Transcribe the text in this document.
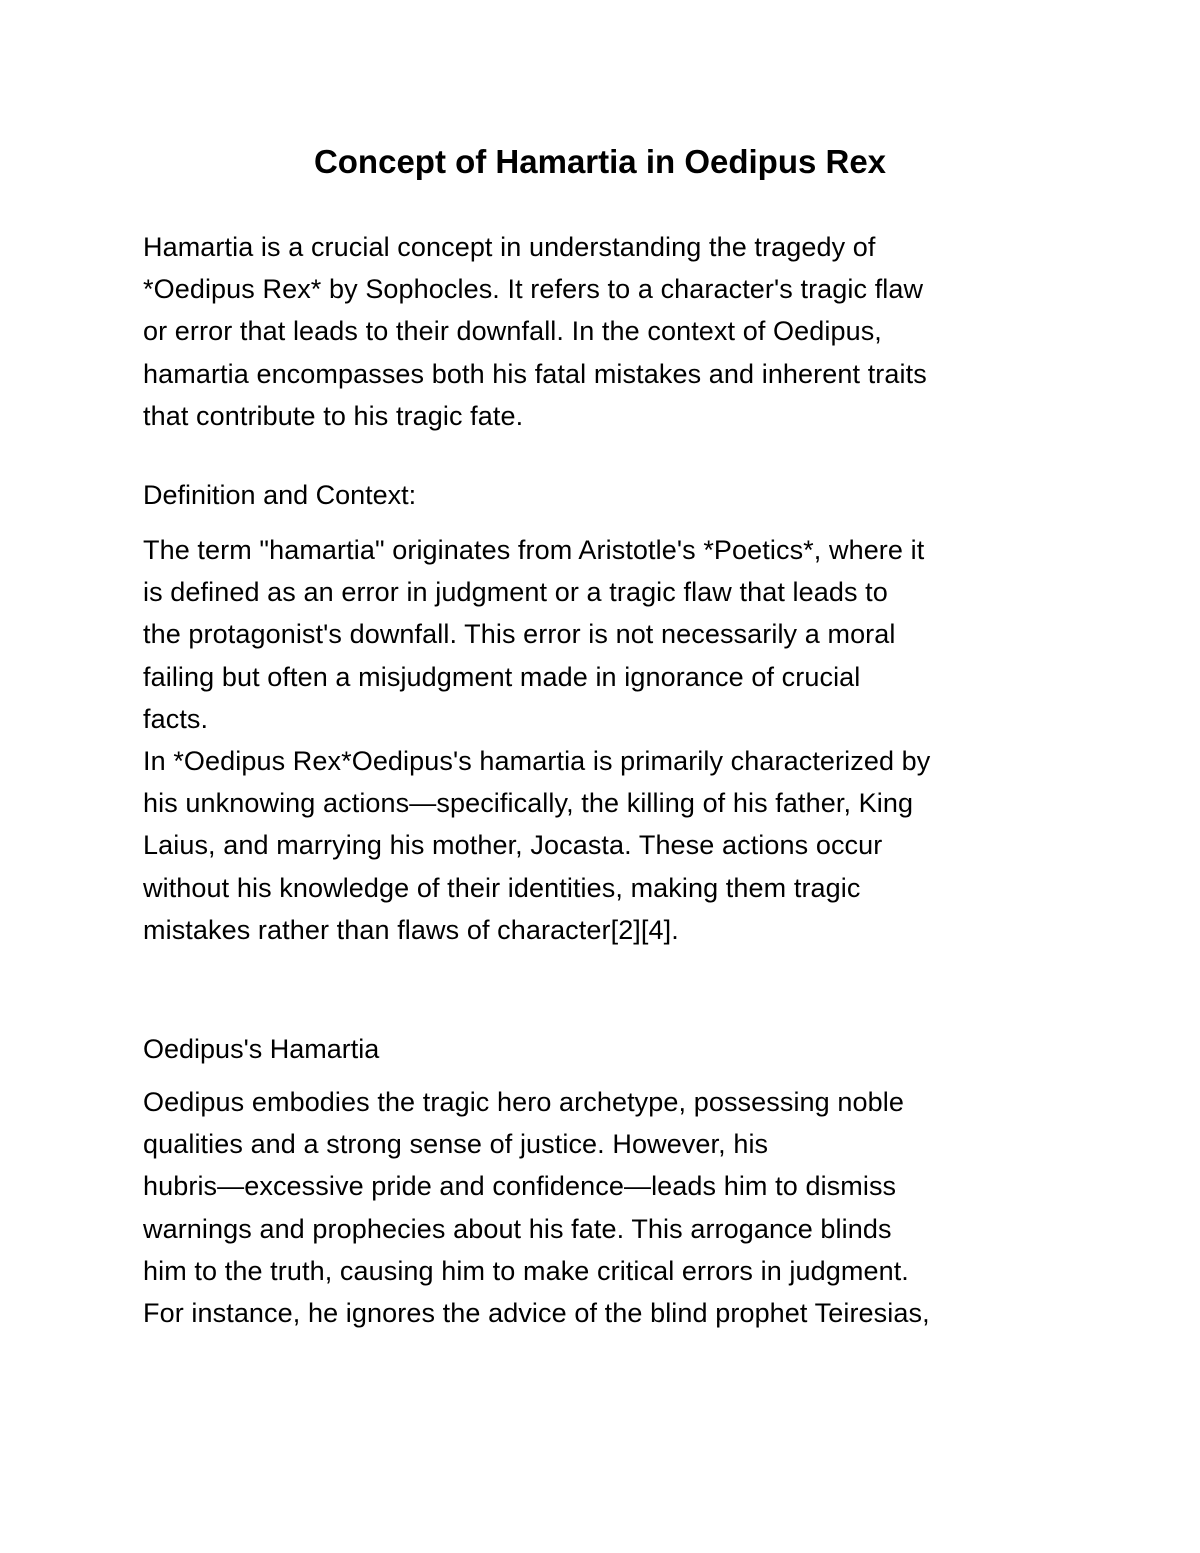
Concept of Hamartia in Oedipus Rex

Hamartia is a crucial concept in understanding the tragedy of
*Oedipus Rex* by Sophocles. It refers to a character's tragic flaw
or error that leads to their downfall. In the context of Oedipus,
hamartia encompasses both his fatal mistakes and inherent traits
that contribute to his tragic fate.

Definition and Context:

The term "hamartia" originates from Aristotle's *Poetics*, where it
is defined as an error in judgment or a tragic flaw that leads to
the protagonist's downfall. This error is not necessarily a moral
failing but often a misjudgment made in ignorance of crucial
facts.
In *Oedipus Rex*Oedipus's hamartia is primarily characterized by
his unknowing actions—specifically, the killing of his father, King
Laius, and marrying his mother, Jocasta. These actions occur
without his knowledge of their identities, making them tragic
mistakes rather than flaws of character[2][4].

Oedipus's Hamartia

Oedipus embodies the tragic hero archetype, possessing noble
qualities and a strong sense of justice. However, his
hubris—excessive pride and confidence—leads him to dismiss
warnings and prophecies about his fate. This arrogance blinds
him to the truth, causing him to make critical errors in judgment.
For instance, he ignores the advice of the blind prophet Teiresias,
